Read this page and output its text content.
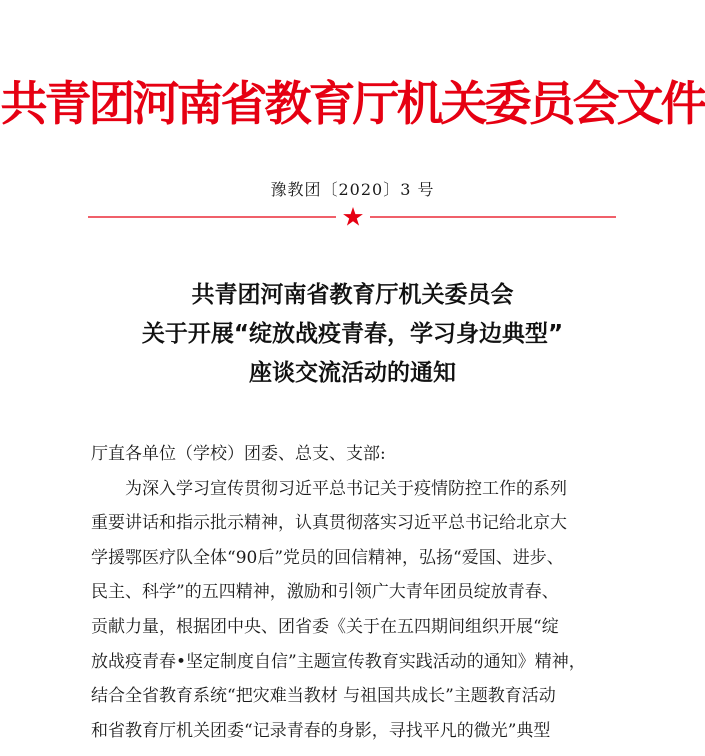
共青团河南省教育厅机关委员会文件
豫教团〔2020〕3 号
共青团河南省教育厅机关委员会
关于开展“绽放战疫青春，学习身边典型”
座谈交流活动的通知
厅直各单位（学校）团委、总支、支部:
为深入学习宣传贯彻习近平总书记关于疫情防控工作的系列
重要讲话和指示批示精神，认真贯彻落实习近平总书记给北京大
学援鄂医疗队全体“90后”党员的回信精神，弘扬“爱国、进步、
民主、科学”的五四精神，激励和引领广大青年团员绽放青春、
贡献力量，根据团中央、团省委《关于在五四期间组织开展“绽
放战疫青春•坚定制度自信”主题宣传教育实践活动的通知》精神，
结合全省教育系统“把灾难当教材 与祖国共成长”主题教育活动
和省教育厅机关团委“记录青春的身影，寻找平凡的微光”典型
